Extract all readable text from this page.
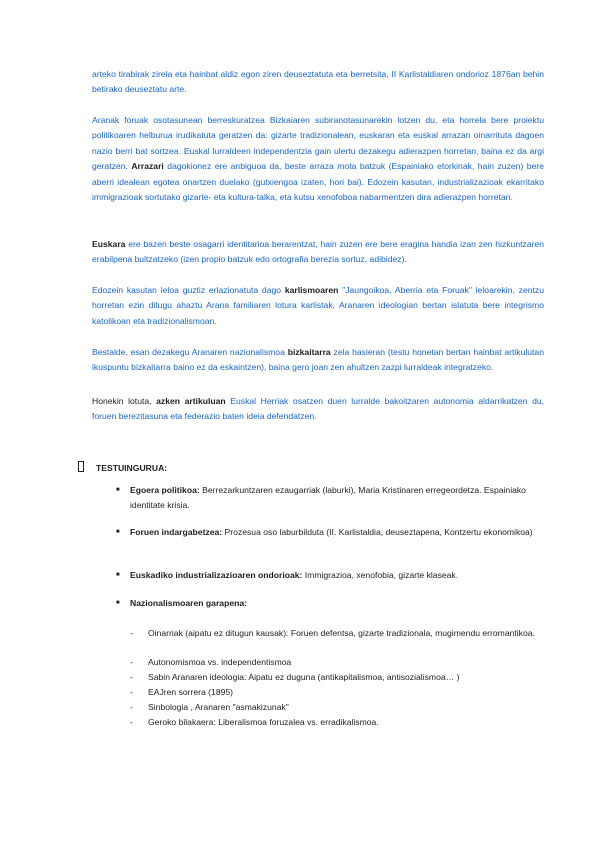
arteko tirabirak zirela eta hainbat aldiz egon ziren deuseztatuta eta berretsita, II Karlistaldiaren ondorioz 1876an behin betirako deuseztatu arte.

Aranak foruak osotasunean berreskuratzea Bizkaiaren subiranotasunarekin lotzen du, eta horrela bere proiektu politikoaren helburua irudikatuta geratzen da: gizarte tradizionalean, euskaran eta euskal arrazan oinarrituta dagoen nazio berri bat sortzea. Euskal lurraldeen independentzia gain ulertu dezakegu adierazpen horretan, baina ez da argi geratzen. Arrazari dagokionez ere anbiguoa da, beste arraza mota batzuk (Espainiako etorkinak, hain zuzen) bere aberri idealean egotea onartzen duelako (gutxiengoa izaten, hori bai). Edozein kasutan, industrializazioak ekarritako immigrazioak sortutako gizarte- eta kultura-talka, eta kutsu xenofoboa nabarmentzen dira adierazpen horretan.

Euskara ere bazen beste osagarri identitarioa berarentzat, hain zuzen ere bere eragina handia izan zen hizkuntzaren erabilpena bultzatzeko (izen propio batzuk edo ortografia berezia sortuz, adibidez).

Edozein kasutan leloa guztiz erlazionatuta dago karlismoaren "Jaungoikoa, Aberria eta Foruak" leloarekin, zentzu horretan ezin ditugu ahaztu Arana familiaren lotura karlistak, Aranaren ideologian bertan islatuta bere integrismo katolikoan eta tradizionalismoan.

Bestalde, esan dezakegu Aranaren nazionalismoa bizkaitarra zela hasieran (testu honetan bertan hainbat artikulutan ikuspuntu bizkaitarra baino ez da eskaintzen), baina gero joan zen ahultzen zazpi lurraldeak integratzeko.

Honekin lotuta, azken artikuluan Euskal Herriak osatzen duen lurralde bakoitzaren autonomia aldarrikatzen du, foruen berezitasuna eta federazio baten ideia defendatzen.

TESTUINGURUA:
■ Egoera politikoa: Berrezarkuntzaren ezaugarriak (laburki), Maria Kristinaren erregeordetza. Espainiako identitate krisia.

■ Foruen indargabetzea: Prozesua oso laburbilduta (II. Karlistaldia, deuseztapena, Kontzertu ekonomikoa)

■ Euskadiko industrializazioaren ondorioak: Immigrazioa, xenofobia, gizarte klaseak.

■ Nazionalismoaren garapena:

- Oinarriak (aipatu ez ditugun kausak): Foruen defentsa, gizarte tradizionala, mugimendu erromantikoa.

- Autonomismoa vs. independentismoa

- Sabin Aranaren ideologia: Aipatu ez duguna (antikapitalismoa, antisozialismoa… )

- EAJren sorrera (1895)

- Sinbologia , Aranaren "asmakizunak"

- Geroko bilakaera: Liberalismoa foruzalea vs. erradikalismoa.
